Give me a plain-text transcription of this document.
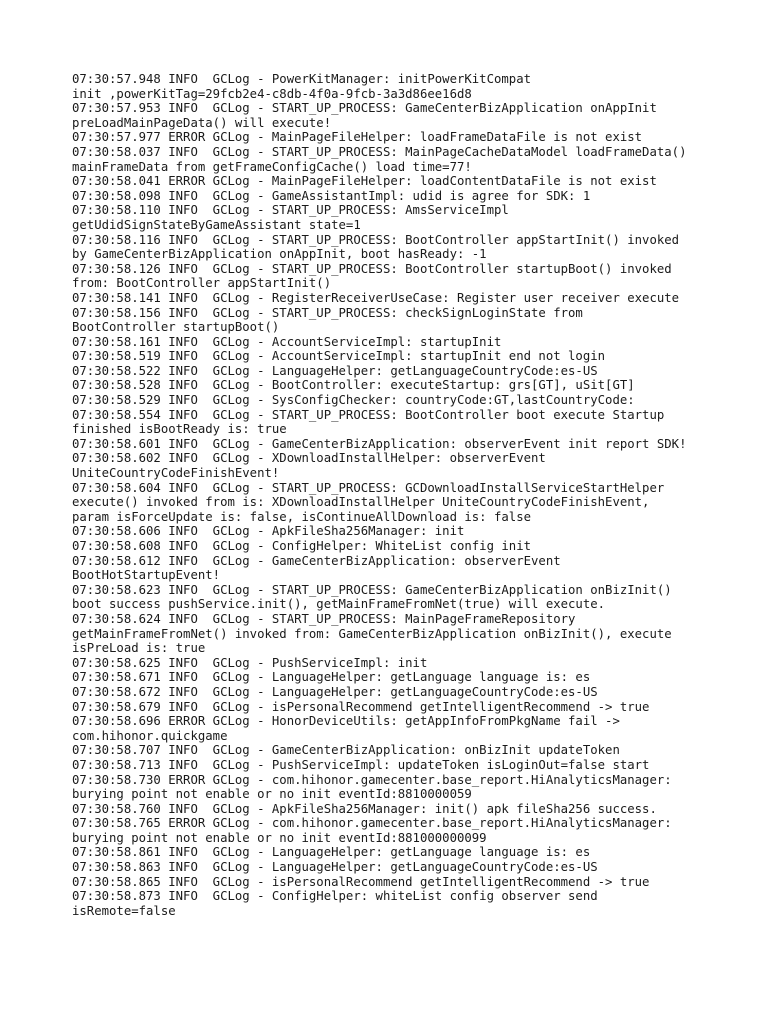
07:30:57.948 INFO  GCLog - PowerKitManager: initPowerKitCompat
init ,powerKitTag=29fcb2e4-c8db-4f0a-9fcb-3a3d86ee16d8
07:30:57.953 INFO  GCLog - START_UP_PROCESS: GameCenterBizApplication onAppInit
preLoadMainPageData() will execute!
07:30:57.977 ERROR GCLog - MainPageFileHelper: loadFrameDataFile is not exist
07:30:58.037 INFO  GCLog - START_UP_PROCESS: MainPageCacheDataModel loadFrameData()
mainFrameData from getFrameConfigCache() load time=77!
07:30:58.041 ERROR GCLog - MainPageFileHelper: loadContentDataFile is not exist
07:30:58.098 INFO  GCLog - GameAssistantImpl: udid is agree for SDK: 1
07:30:58.110 INFO  GCLog - START_UP_PROCESS: AmsServiceImpl
getUdidSignStateByGameAssistant state=1
07:30:58.116 INFO  GCLog - START_UP_PROCESS: BootController appStartInit() invoked
by GameCenterBizApplication onAppInit, boot hasReady: -1
07:30:58.126 INFO  GCLog - START_UP_PROCESS: BootController startupBoot() invoked
from: BootController appStartInit()
07:30:58.141 INFO  GCLog - RegisterReceiverUseCase: Register user receiver execute
07:30:58.156 INFO  GCLog - START_UP_PROCESS: checkSignLoginState from
BootController startupBoot()
07:30:58.161 INFO  GCLog - AccountServiceImpl: startupInit
07:30:58.519 INFO  GCLog - AccountServiceImpl: startupInit end not login
07:30:58.522 INFO  GCLog - LanguageHelper: getLanguageCountryCode:es-US
07:30:58.528 INFO  GCLog - BootController: executeStartup: grs[GT], uSit[GT]
07:30:58.529 INFO  GCLog - SysConfigChecker: countryCode:GT,lastCountryCode:
07:30:58.554 INFO  GCLog - START_UP_PROCESS: BootController boot execute Startup
finished isBootReady is: true
07:30:58.601 INFO  GCLog - GameCenterBizApplication: observerEvent init report SDK!
07:30:58.602 INFO  GCLog - XDownloadInstallHelper: observerEvent
UniteCountryCodeFinishEvent!
07:30:58.604 INFO  GCLog - START_UP_PROCESS: GCDownloadInstallServiceStartHelper
execute() invoked from is: XDownloadInstallHelper UniteCountryCodeFinishEvent,
param isForceUpdate is: false, isContinueAllDownload is: false
07:30:58.606 INFO  GCLog - ApkFileSha256Manager: init
07:30:58.608 INFO  GCLog - ConfigHelper: WhiteList config init
07:30:58.612 INFO  GCLog - GameCenterBizApplication: observerEvent
BootHotStartupEvent!
07:30:58.623 INFO  GCLog - START_UP_PROCESS: GameCenterBizApplication onBizInit()
boot success pushService.init(), getMainFrameFromNet(true) will execute.
07:30:58.624 INFO  GCLog - START_UP_PROCESS: MainPageFrameRepository
getMainFrameFromNet() invoked from: GameCenterBizApplication onBizInit(), execute
isPreLoad is: true
07:30:58.625 INFO  GCLog - PushServiceImpl: init
07:30:58.671 INFO  GCLog - LanguageHelper: getLanguage language is: es
07:30:58.672 INFO  GCLog - LanguageHelper: getLanguageCountryCode:es-US
07:30:58.679 INFO  GCLog - isPersonalRecommend getIntelligentRecommend -> true
07:30:58.696 ERROR GCLog - HonorDeviceUtils: getAppInfoFromPkgName fail ->
com.hihonor.quickgame
07:30:58.707 INFO  GCLog - GameCenterBizApplication: onBizInit updateToken
07:30:58.713 INFO  GCLog - PushServiceImpl: updateToken isLoginOut=false start
07:30:58.730 ERROR GCLog - com.hihonor.gamecenter.base_report.HiAnalyticsManager:
burying point not enable or no init eventId:8810000059
07:30:58.760 INFO  GCLog - ApkFileSha256Manager: init() apk fileSha256 success.
07:30:58.765 ERROR GCLog - com.hihonor.gamecenter.base_report.HiAnalyticsManager:
burying point not enable or no init eventId:881000000099
07:30:58.861 INFO  GCLog - LanguageHelper: getLanguage language is: es
07:30:58.863 INFO  GCLog - LanguageHelper: getLanguageCountryCode:es-US
07:30:58.865 INFO  GCLog - isPersonalRecommend getIntelligentRecommend -> true
07:30:58.873 INFO  GCLog - ConfigHelper: whiteList config observer send
isRemote=false
